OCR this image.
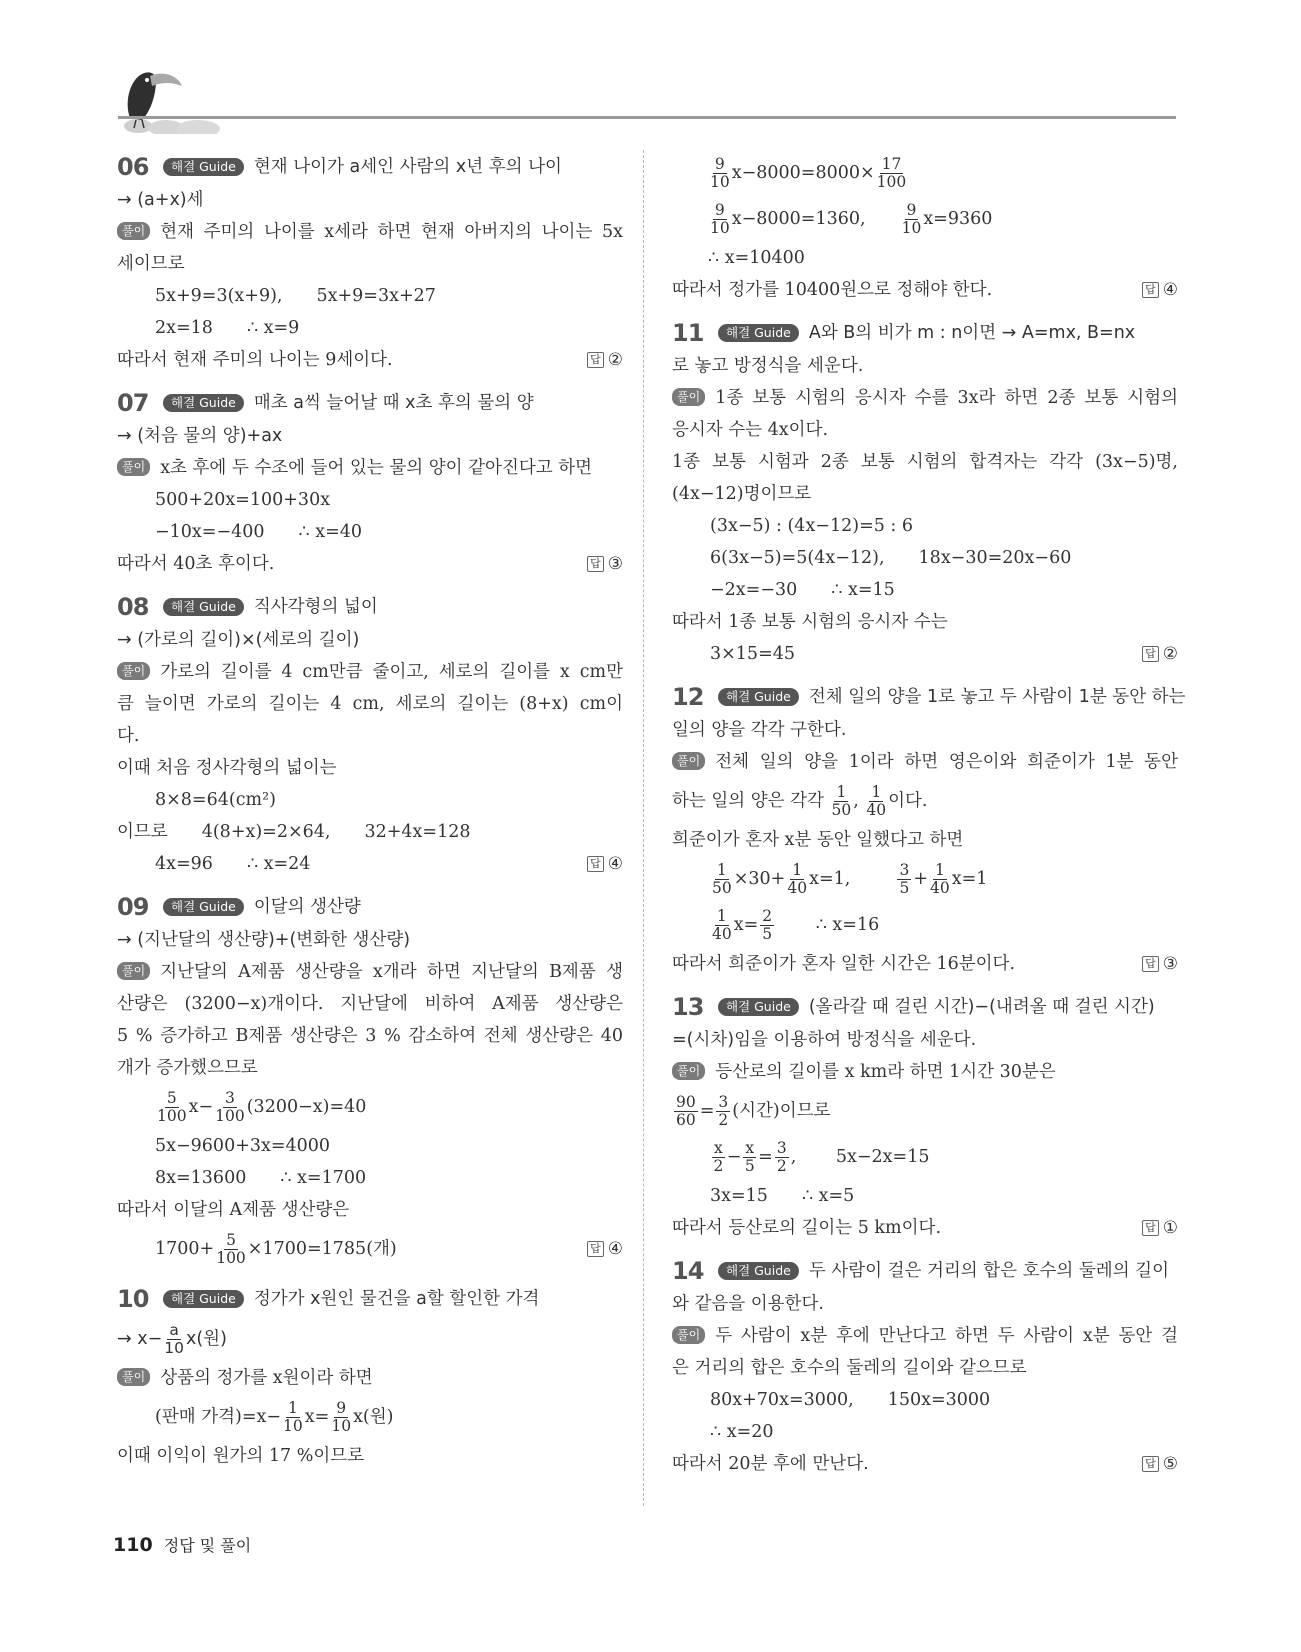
06	해결 Guide	현재 나이가 a세인 사람의 x년 후의 나이
→ (a+x)세
풀이 현재 주미의 나이를 x세라 하면 현재 아버지의 나이는 5x
세이므로
5x+9=3(x+9), 5x+9=3x+27
2x=18 ∴ x=9
따라서 현재 주미의 나이는 9세이다.	답 ②
07	해결 Guide	매초 a씩 늘어날 때 x초 후의 물의 양
→ (처음 물의 양)+ax
풀이 x초 후에 두 수조에 들어 있는 물의 양이 같아진다고 하면
500+20x=100+30x
−10x=−400 ∴ x=40
따라서 40초 후이다.	답 ③
08	해결 Guide	직사각형의 넓이
→ (가로의 길이)×(세로의 길이)
풀이 가로의 길이를 4 cm만큼 줄이고, 세로의 길이를 x cm만
큼 늘이면 가로의 길이는 4 cm, 세로의 길이는 (8+x) cm이
다.
이때 처음 정사각형의 넓이는
8×8=64(cm²)
이므로 4(8+x)=2×64, 32+4x=128
4x=96 ∴ x=24	답 ④
09	해결 Guide	이달의 생산량
→ (지난달의 생산량)+(변화한 생산량)
풀이 지난달의 A제품 생산량을 x개라 하면 지난달의 B제품 생
산량은 (3200−x)개이다. 지난달에 비하여 A제품 생산량은
5 % 증가하고 B제품 생산량은 3 % 감소하여 전체 생산량은 40
개가 증가했으므로
$\frac{5}{100} x- \frac{3}{100} (3200-x)=40$
5x−9600+3x=4000
8x=13600 ∴ x=1700
따라서 이달의 A제품 생산량은
$1700+ \frac{5}{100} \times 1700=1785$(개)	답 ④
10	해결 Guide	정가가 x원인 물건을 a할 할인한 가격
→ $x- \frac{a}{10} x$(원)
풀이 상품의 정가를 x원이라 하면
(판매 가격)$=x- \frac{1}{10} x= \frac{9}{10} x$(원)
이때 이익이 원가의 17 %이므로
$\frac{9}{10} x-8000=8000\times \frac{17}{100}$
$\frac{9}{10} x-8000=1360$, $\frac{9}{10} x=9360$
∴ x=10400
따라서 정가를 10400원으로 정해야 한다.	답 ④
11	해결 Guide	A와 B의 비가 m : n이면 → A=mx, B=nx
로 놓고 방정식을 세운다.
풀이 1종 보통 시험의 응시자 수를 3x라 하면 2종 보통 시험의
응시자 수는 4x이다.
1종 보통 시험과 2종 보통 시험의 합격자는 각각 (3x−5)명,
(4x−12)명이므로
(3x−5) : (4x−12)=5 : 6
6(3x−5)=5(4x−12), 18x−30=20x−60
−2x=−30 ∴ x=15
따라서 1종 보통 시험의 응시자 수는
3×15=45	답 ②
12	해결 Guide	전체 일의 양을 1로 놓고 두 사람이 1분 동안 하는
일의 양을 각각 구한다.
풀이 전체 일의 양을 1이라 하면 영은이와 희준이가 1분 동안
하는 일의 양은 각각 $\frac{1}{50}$ , $\frac{1}{40}$ 이다.
희준이가 혼자 x분 동안 일했다고 하면
$\frac{1}{50} \times 30+ \frac{1}{40} x=1$,	$\frac{3}{5} + \frac{1}{40} x=1$
$\frac{1}{40} x= \frac{2}{5}$ ∴ x=16
따라서 희준이가 혼자 일한 시간은 16분이다.	답 ③
13	해결 Guide	(올라갈 때 걸린 시간)−(내려올 때 걸린 시간)
=(시차)임을 이용하여 방정식을 세운다.
풀이 등산로의 길이를 x km라 하면 1시간 30분은
$\frac{90}{60} = \frac{3}{2}$ (시간)이므로
$\frac{x}{2} - \frac{x}{5} = \frac{3}{2}$ , 5x−2x=15
3x=15 ∴ x=5
따라서 등산로의 길이는 5 km이다.	답 ①
14	해결 Guide	두 사람이 걸은 거리의 합은 호수의 둘레의 길이
와 같음을 이용한다.
풀이 두 사람이 x분 후에 만난다고 하면 두 사람이 x분 동안 걸
은 거리의 합은 호수의 둘레의 길이와 같으므로
80x+70x=3000, 150x=3000
∴ x=20
따라서 20분 후에 만난다.	답 ⑤
110 정답 및 풀이
